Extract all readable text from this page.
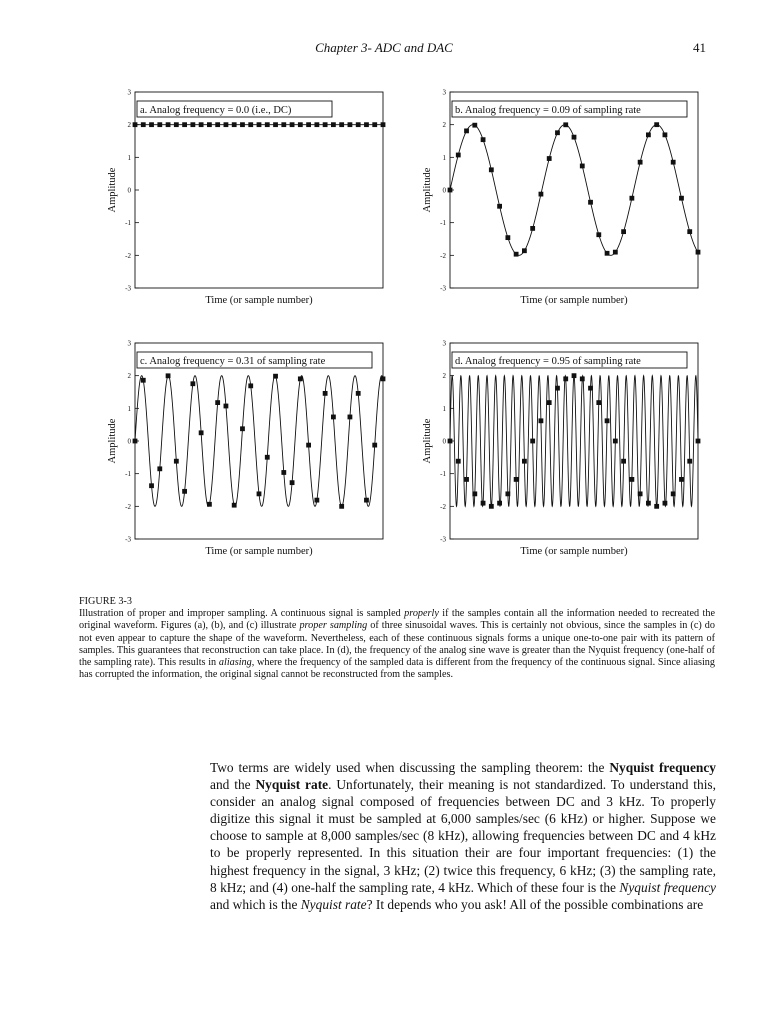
Chapter 3- ADC and DAC	41
3
2
1
0
-1
-2
-3
Amplitude
Time (or sample number)
a. Analog frequency = 0.0 (i.e., DC)
3
2
1
0
-1
-2
-3
Amplitude
Time (or sample number)
b. Analog frequency = 0.09 of sampling rate
3
2
1
0
-1
-2
-3
Amplitude
Time (or sample number)
c. Analog frequency = 0.31 of sampling rate
3
2
1
0
-1
-2
-3
Amplitude
Time (or sample number)
d. Analog frequency = 0.95 of sampling rate
FIGURE 3-3
Illustration of proper and improper sampling. A continuous signal is sampled properly if the samples contain all the information needed to recreated the original waveform. Figures (a), (b), and (c) illustrate proper sampling of three sinusoidal waves. This is certainly not obvious, since the samples in (c) do not even appear to capture the shape of the waveform. Nevertheless, each of these continuous signals forms a unique one-to-one pair with its pattern of samples. This guarantees that reconstruction can take place. In (d), the frequency of the analog sine wave is greater than the Nyquist frequency (one-half of the sampling rate). This results in aliasing, where the frequency of the sampled data is different from the frequency of the continuous signal. Since aliasing has corrupted the information, the original signal cannot be reconstructed from the samples.
Two terms are widely used when discussing the sampling theorem: the Nyquist frequency and the Nyquist rate. Unfortunately, their meaning is not standardized. To understand this, consider an analog signal composed of frequencies between DC and 3 kHz. To properly digitize this signal it must be sampled at 6,000 samples/sec (6 kHz) or higher. Suppose we choose to sample at 8,000 samples/sec (8 kHz), allowing frequencies between DC and 4 kHz to be properly represented. In this situation their are four important frequencies: (1) the highest frequency in the signal, 3 kHz; (2) twice this frequency, 6 kHz; (3) the sampling rate, 8 kHz; and (4) one-half the sampling rate, 4 kHz. Which of these four is the Nyquist frequency and which is the Nyquist rate? It depends who you ask! All of the possible combinations are
